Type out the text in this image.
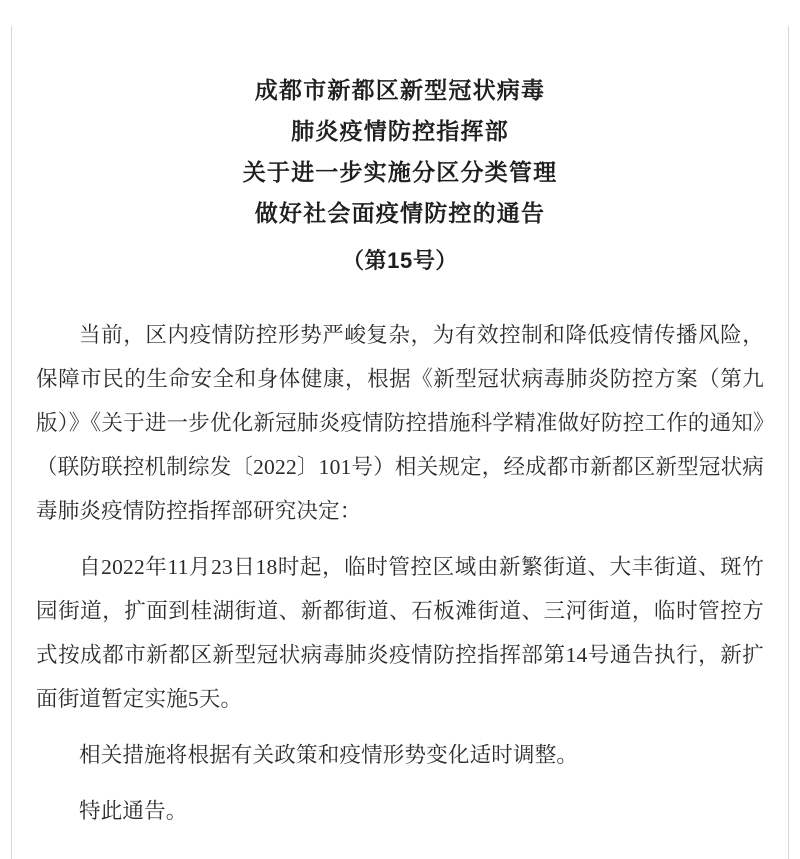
成都市新都区新型冠状病毒
肺炎疫情防控指挥部
关于进一步实施分区分类管理
做好社会面疫情防控的通告
（第15号）

当前，区内疫情防控形势严峻复杂，为有效控制和降低疫情传播风险，保障市民的生命安全和身体健康，根据《新型冠状病毒肺炎防控方案（第九版）》《关于进一步优化新冠肺炎疫情防控措施科学精准做好防控工作的通知》（联防联控机制综发〔2022〕101号）相关规定，经成都市新都区新型冠状病毒肺炎疫情防控指挥部研究决定：

自2022年11月23日18时起，临时管控区域由新繁街道、大丰街道、斑竹园街道，扩面到桂湖街道、新都街道、石板滩街道、三河街道，临时管控方式按成都市新都区新型冠状病毒肺炎疫情防控指挥部第14号通告执行，新扩面街道暂定实施5天。

相关措施将根据有关政策和疫情形势变化适时调整。

特此通告。
